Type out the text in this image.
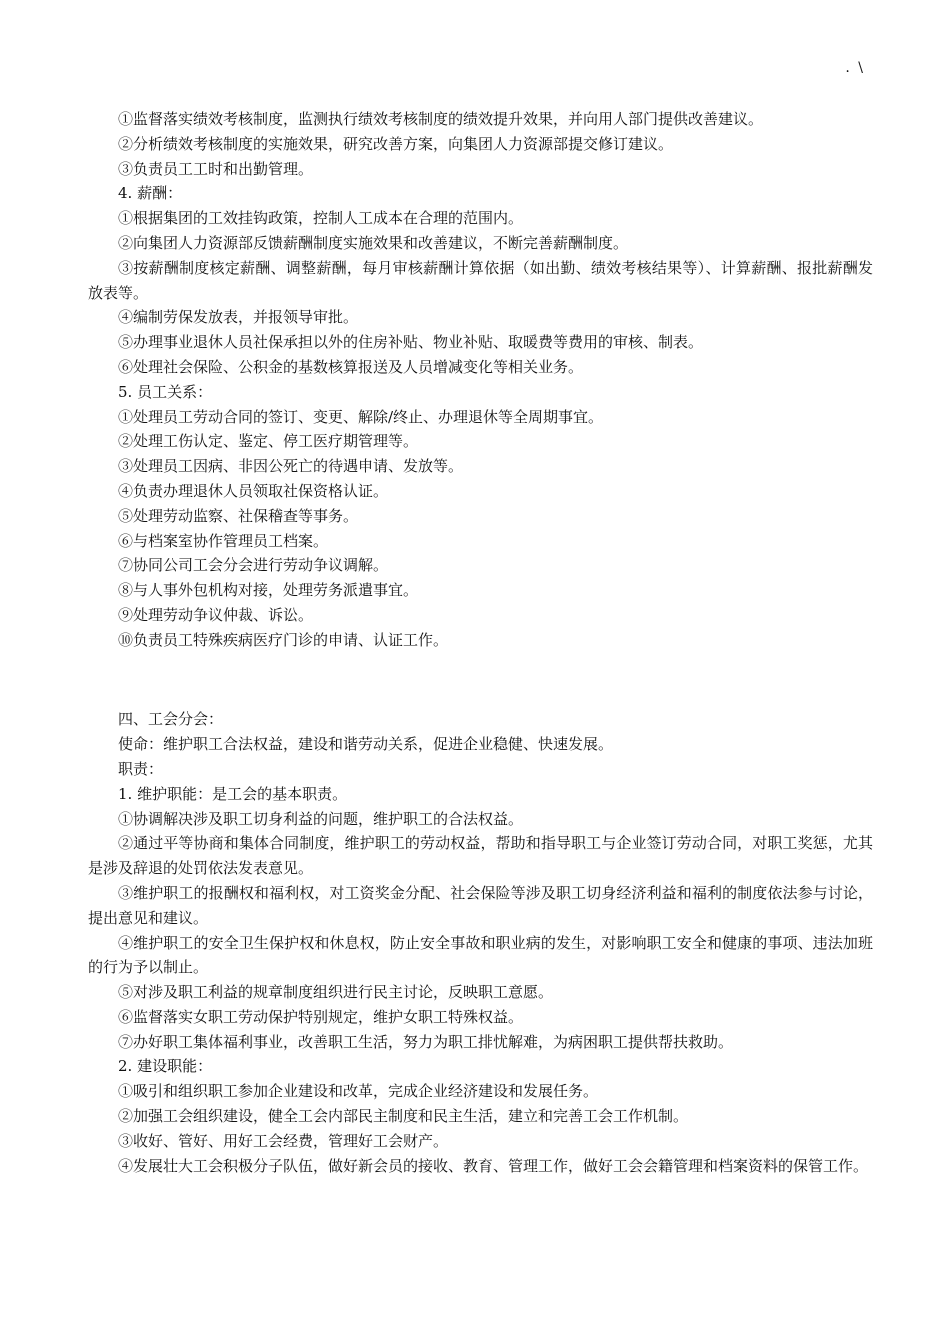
. \

①监督落实绩效考核制度，监测执行绩效考核制度的绩效提升效果，并向用人部门提供改善建议。

②分析绩效考核制度的实施效果，研究改善方案，向集团人力资源部提交修订建议。

③负责员工工时和出勤管理。

4. 薪酬：

①根据集团的工效挂钩政策，控制人工成本在合理的范围内。

②向集团人力资源部反馈薪酬制度实施效果和改善建议，不断完善薪酬制度。

③按薪酬制度核定薪酬、调整薪酬，每月审核薪酬计算依据（如出勤、绩效考核结果等）、计算薪酬、报批薪酬发放表等。

④编制劳保发放表，并报领导审批。

⑤办理事业退休人员社保承担以外的住房补贴、物业补贴、取暖费等费用的审核、制表。

⑥处理社会保险、公积金的基数核算报送及人员增减变化等相关业务。

5. 员工关系：

①处理员工劳动合同的签订、变更、解除/终止、办理退休等全周期事宜。

②处理工伤认定、鉴定、停工医疗期管理等。

③处理员工因病、非因公死亡的待遇申请、发放等。

④负责办理退休人员领取社保资格认证。

⑤处理劳动监察、社保稽查等事务。

⑥与档案室协作管理员工档案。

⑦协同公司工会分会进行劳动争议调解。

⑧与人事外包机构对接，处理劳务派遣事宜。

⑨处理劳动争议仲裁、诉讼。

⑩负责员工特殊疾病医疗门诊的申请、认证工作。

四、工会分会：

使命：维护职工合法权益，建设和谐劳动关系，促进企业稳健、快速发展。

职责：

1. 维护职能：是工会的基本职责。

①协调解决涉及职工切身利益的问题，维护职工的合法权益。

②通过平等协商和集体合同制度，维护职工的劳动权益，帮助和指导职工与企业签订劳动合同，对职工奖惩，尤其是涉及辞退的处罚依法发表意见。

③维护职工的报酬权和福利权，对工资奖金分配、社会保险等涉及职工切身经济利益和福利的制度依法参与讨论，提出意见和建议。

④维护职工的安全卫生保护权和休息权，防止安全事故和职业病的发生，对影响职工安全和健康的事项、违法加班的行为予以制止。

⑤对涉及职工利益的规章制度组织进行民主讨论，反映职工意愿。

⑥监督落实女职工劳动保护特别规定，维护女职工特殊权益。

⑦办好职工集体福利事业，改善职工生活，努力为职工排忧解难，为病困职工提供帮扶救助。

2. 建设职能：

①吸引和组织职工参加企业建设和改革，完成企业经济建设和发展任务。

②加强工会组织建设，健全工会内部民主制度和民主生活，建立和完善工会工作机制。

③收好、管好、用好工会经费，管理好工会财产。

④发展壮大工会积极分子队伍，做好新会员的接收、教育、管理工作，做好工会会籍管理和档案资料的保管工作。
